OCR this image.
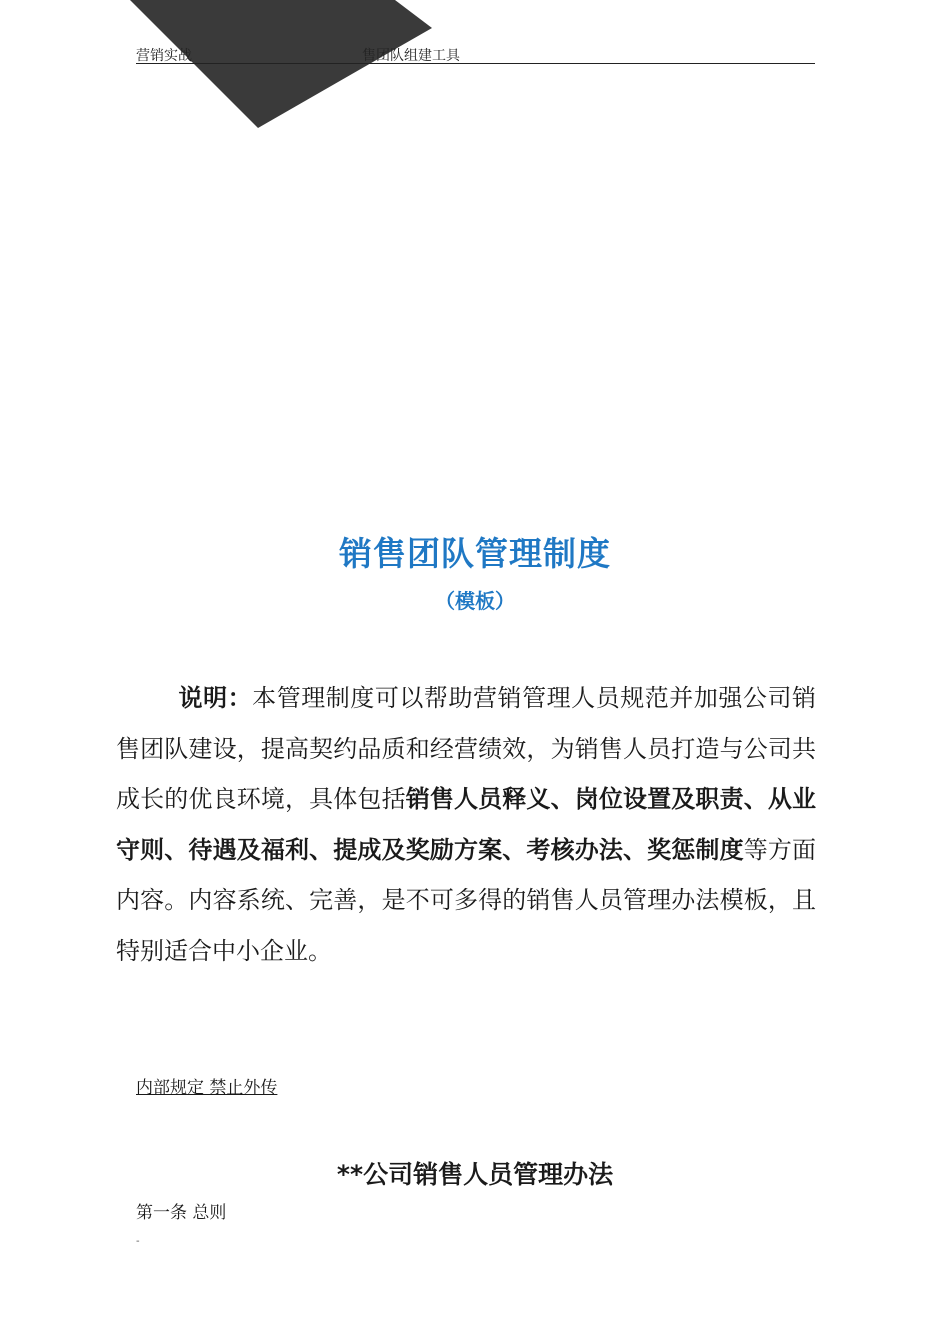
营销实战	售团队组建工具
销售团队管理制度
（模板）
说明：本管理制度可以帮助营销管理人员规范并加强公司销售团队建设，提高契约品质和经营绩效，为销售人员打造与公司共成长的优良环境，具体包括销售人员释义、岗位设置及职责、从业守则、待遇及福利、提成及奖励方案、考核办法、奖惩制度等方面内容。内容系统、完善，是不可多得的销售人员管理办法模板，且特别适合中小企业。
内部规定 禁止外传
**公司销售人员管理办法
第一条 总则
-
